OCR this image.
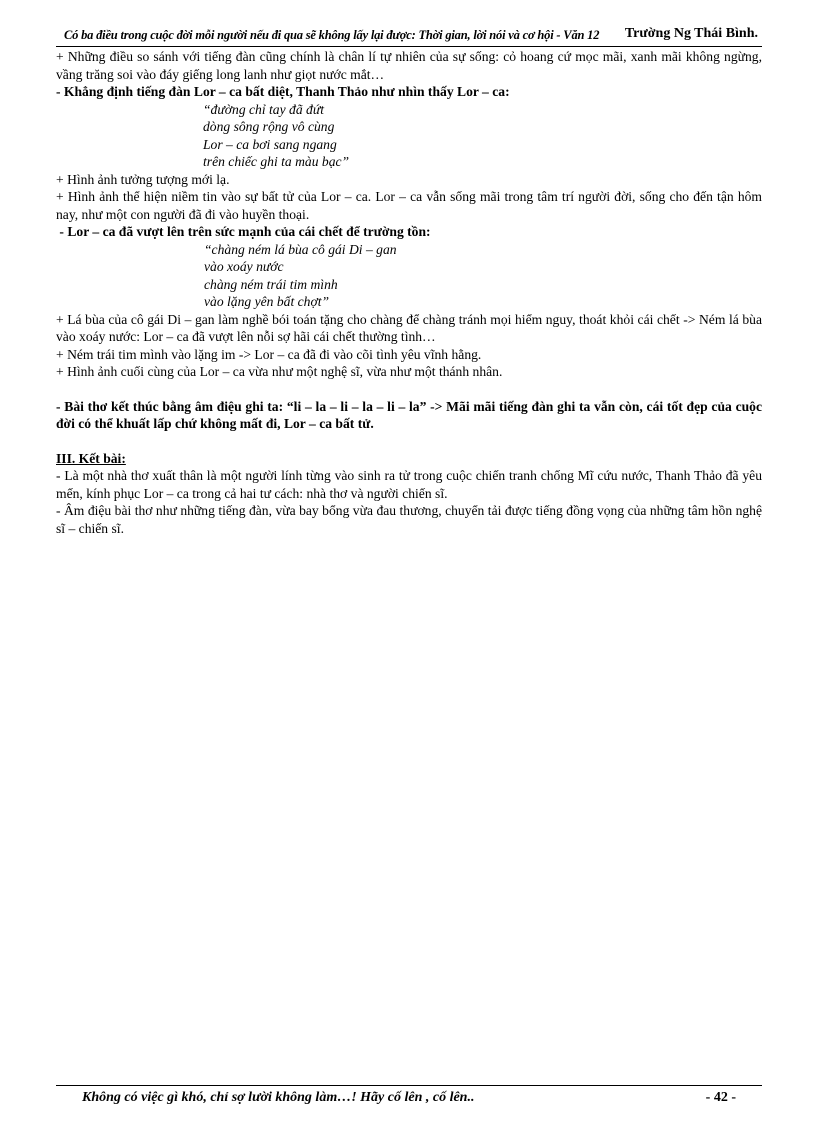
Có ba điều trong cuộc đời mỗi người nếu đi qua sẽ không lấy lại được: Thời gian, lời nói và cơ hội - Văn 12 Trường Ng Thái Bình.

+ Những điều so sánh với tiếng đàn cũng chính là chân lí tự nhiên của sự sống: cỏ hoang cứ mọc mãi, xanh mãi không ngừng, vầng trăng soi vào đáy giếng long lanh như giọt nước mắt…

- Khẳng định tiếng đàn Lor – ca bất diệt, Thanh Thảo như nhìn thấy Lor – ca:

“đường chỉ tay đã đứt

dòng sông rộng vô cùng

Lor – ca bơi sang ngang

trên chiếc ghi ta màu bạc”

+ Hình ảnh tưởng tượng mới lạ.

+ Hình ảnh thể hiện niềm tin vào sự bất tử của Lor – ca. Lor – ca vẫn sống mãi trong tâm trí người đời, sống cho đến tận hôm nay, như một con người đã đi vào huyền thoại.

- Lor – ca đã vượt lên trên sức mạnh của cái chết để trường tồn:

“chàng ném lá bùa cô gái Di – gan

vào xoáy nước

chàng ném trái tim mình

vào lặng yên bất chợt”

+ Lá bùa của cô gái Di – gan làm nghề bói toán tặng cho chàng để chàng tránh mọi hiểm nguy, thoát khỏi cái chết -> Ném lá bùa vào xoáy nước: Lor – ca đã vượt lên nỗi sợ hãi cái chết thường tình…

+ Ném trái tim mình vào lặng im -> Lor – ca đã đi vào cõi tình yêu vĩnh hằng.

+ Hình ảnh cuối cùng của Lor – ca vừa như một nghệ sĩ, vừa như một thánh nhân.

- Bài thơ kết thúc bằng âm điệu ghi ta: “li – la – li – la – li – la” -> Mãi mãi tiếng đàn ghi ta vẫn còn, cái tốt đẹp của cuộc đời có thể khuất lấp chứ không mất đi, Lor – ca bất tử.

III. Kết bài:

- Là một nhà thơ xuất thân là một người lính từng vào sinh ra tử trong cuộc chiến tranh chống Mĩ cứu nước, Thanh Thảo đã yêu mến, kính phục Lor – ca trong cả hai tư cách: nhà thơ và người chiến sĩ.

- Âm điệu bài thơ như những tiếng đàn, vừa bay bổng vừa đau thương, chuyển tải được tiếng đồng vọng của những tâm hồn nghệ sĩ – chiến sĩ.

Không có việc gì khó, chỉ sợ lười không làm…! Hãy cố lên , cố lên..	- 42 -
